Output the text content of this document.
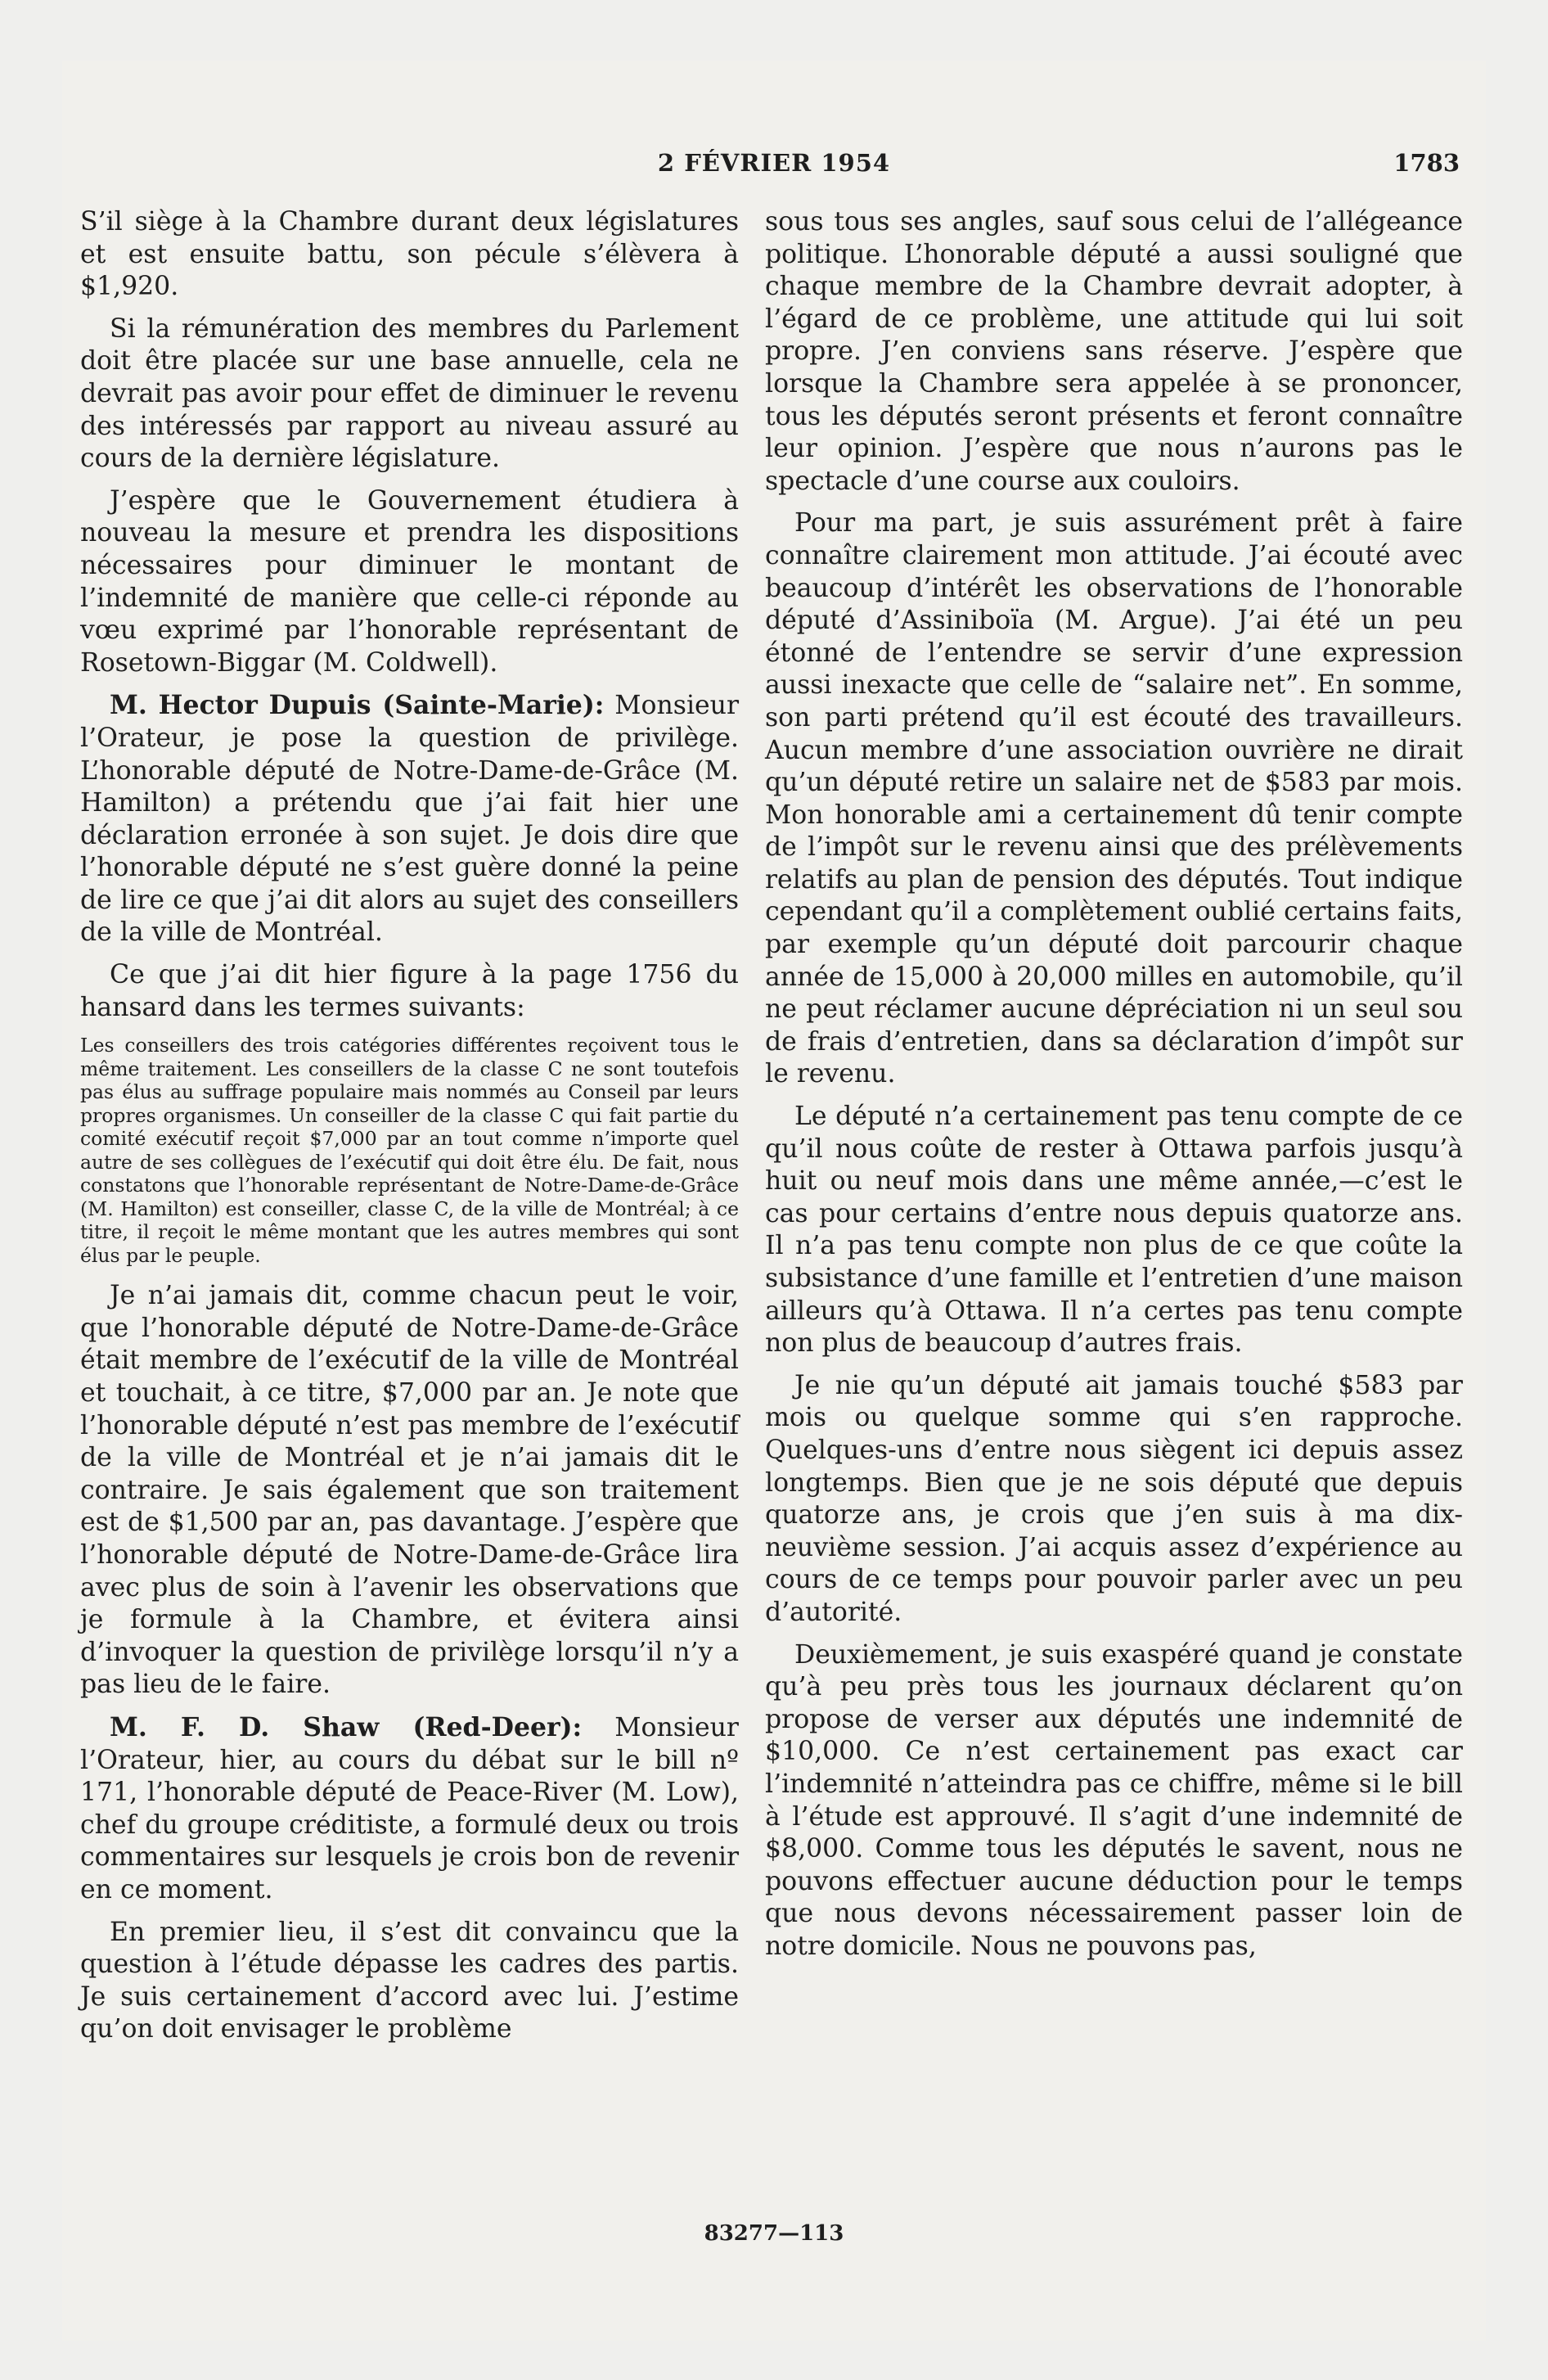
2 FÉVRIER 1954	1783

S’il siège à la Chambre durant deux législatures et est ensuite battu, son pécule s’élèvera à $1,920.

Si la rémunération des membres du Parlement doit être placée sur une base annuelle, cela ne devrait pas avoir pour effet de diminuer le revenu des intéressés par rapport au niveau assuré au cours de la dernière législature.

J’espère que le Gouvernement étudiera à nouveau la mesure et prendra les dispositions nécessaires pour diminuer le montant de l’indemnité de manière que celle-ci réponde au vœu exprimé par l’honorable représentant de Rosetown-Biggar (M. Coldwell).

M. Hector Dupuis (Sainte-Marie): Monsieur l’Orateur, je pose la question de privilège. L’honorable député de Notre-Dame-de-Grâce (M. Hamilton) a prétendu que j’ai fait hier une déclaration erronée à son sujet. Je dois dire que l’honorable député ne s’est guère donné la peine de lire ce que j’ai dit alors au sujet des conseillers de la ville de Montréal.

Ce que j’ai dit hier figure à la page 1756 du hansard dans les termes suivants:

Les conseillers des trois catégories différentes reçoivent tous le même traitement. Les conseillers de la classe C ne sont toutefois pas élus au suffrage populaire mais nommés au Conseil par leurs propres organismes. Un conseiller de la classe C qui fait partie du comité exécutif reçoit $7,000 par an tout comme n’importe quel autre de ses collègues de l’exécutif qui doit être élu. De fait, nous constatons que l’honorable représentant de Notre-Dame-de-Grâce (M. Hamilton) est conseiller, classe C, de la ville de Montréal; à ce titre, il reçoit le même montant que les autres membres qui sont élus par le peuple.

Je n’ai jamais dit, comme chacun peut le voir, que l’honorable député de Notre-Dame-de-Grâce était membre de l’exécutif de la ville de Montréal et touchait, à ce titre, $7,000 par an. Je note que l’honorable député n’est pas membre de l’exécutif de la ville de Montréal et je n’ai jamais dit le contraire. Je sais également que son traitement est de $1,500 par an, pas davantage. J’espère que l’honorable député de Notre-Dame-de-Grâce lira avec plus de soin à l’avenir les observations que je formule à la Chambre, et évitera ainsi d’invoquer la question de privilège lorsqu’il n’y a pas lieu de le faire.

M. F. D. Shaw (Red-Deer): Monsieur l’Orateur, hier, au cours du débat sur le bill nº 171, l’honorable député de Peace-River (M. Low), chef du groupe créditiste, a formulé deux ou trois commentaires sur lesquels je crois bon de revenir en ce moment.

En premier lieu, il s’est dit convaincu que la question à l’étude dépasse les cadres des partis. Je suis certainement d’accord avec lui. J’estime qu’on doit envisager le problème

sous tous ses angles, sauf sous celui de l’allégeance politique. L’honorable député a aussi souligné que chaque membre de la Chambre devrait adopter, à l’égard de ce problème, une attitude qui lui soit propre. J’en conviens sans réserve. J’espère que lorsque la Chambre sera appelée à se prononcer, tous les députés seront présents et feront connaître leur opinion. J’espère que nous n’aurons pas le spectacle d’une course aux couloirs.

Pour ma part, je suis assurément prêt à faire connaître clairement mon attitude. J’ai écouté avec beaucoup d’intérêt les observations de l’honorable député d’Assiniboïa (M. Argue). J’ai été un peu étonné de l’entendre se servir d’une expression aussi inexacte que celle de “salaire net”. En somme, son parti prétend qu’il est écouté des travailleurs. Aucun membre d’une association ouvrière ne dirait qu’un député retire un salaire net de $583 par mois. Mon honorable ami a certainement dû tenir compte de l’impôt sur le revenu ainsi que des prélèvements relatifs au plan de pension des députés. Tout indique cependant qu’il a complètement oublié certains faits, par exemple qu’un député doit parcourir chaque année de 15,000 à 20,000 milles en automobile, qu’il ne peut réclamer aucune dépréciation ni un seul sou de frais d’entretien, dans sa déclaration d’impôt sur le revenu.

Le député n’a certainement pas tenu compte de ce qu’il nous coûte de rester à Ottawa parfois jusqu’à huit ou neuf mois dans une même année,—c’est le cas pour certains d’entre nous depuis quatorze ans. Il n’a pas tenu compte non plus de ce que coûte la subsistance d’une famille et l’entretien d’une maison ailleurs qu’à Ottawa. Il n’a certes pas tenu compte non plus de beaucoup d’autres frais.

Je nie qu’un député ait jamais touché $583 par mois ou quelque somme qui s’en rapproche. Quelques-uns d’entre nous siègent ici depuis assez longtemps. Bien que je ne sois député que depuis quatorze ans, je crois que j’en suis à ma dix-neuvième session. J’ai acquis assez d’expérience au cours de ce temps pour pouvoir parler avec un peu d’autorité.

Deuxièmement, je suis exaspéré quand je constate qu’à peu près tous les journaux déclarent qu’on propose de verser aux députés une indemnité de $10,000. Ce n’est certainement pas exact car l’indemnité n’atteindra pas ce chiffre, même si le bill à l’étude est approuvé. Il s’agit d’une indemnité de $8,000. Comme tous les députés le savent, nous ne pouvons effectuer aucune déduction pour le temps que nous devons nécessairement passer loin de notre domicile. Nous ne pouvons pas,

83277—113
